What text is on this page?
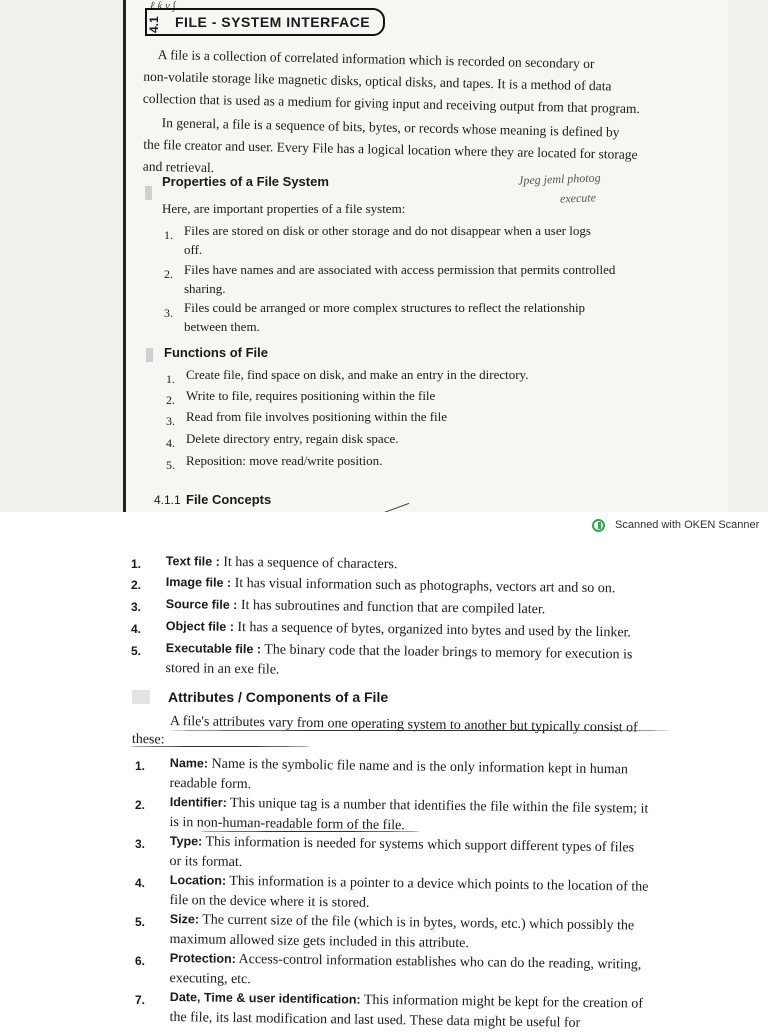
ℓ ƙ v ∫
4.1 FILE - SYSTEM INTERFACE
A file is a collection of correlated information which is recorded on secondary or
non-volatile storage like magnetic disks, optical disks, and tapes. It is a method of data
collection that is used as a medium for giving input and receiving output from that program.
In general, a file is a sequence of bits, bytes, or records whose meaning is defined by
the file creator and user. Every File has a logical location where they are located for storage
and retrieval.
Properties of a File System	Jpeg jeml photog
execute
Here, are important properties of a file system:
1. Files are stored on disk or other storage and do not disappear when a user logs
off.
2. Files have names and are associated with access permission that permits controlled
sharing.
3. Files could be arranged or more complex structures to reflect the relationship
between them.
Functions of File
1. Create file, find space on disk, and make an entry in the directory.
2. Write to file, requires positioning within the file
3. Read from file involves positioning within the file
4. Delete directory entry, regain disk space.
5. Reposition: move read/write position.
4.1.1 File Concepts
Scanned with OKEN Scanner
1. Text file : It has a sequence of characters.
2. Image file : It has visual information such as photographs, vectors art and so on.
3. Source file : It has subroutines and function that are compiled later.
4. Object file : It has a sequence of bytes, organized into bytes and used by the linker.
5. Executable file : The binary code that the loader brings to memory for execution is
stored in an exe file.
Attributes / Components of a File
A file's attributes vary from one operating system to another but typically consist of
these:
1. Name: Name is the symbolic file name and is the only information kept in human
readable form.
2. Identifier: This unique tag is a number that identifies the file within the file system; it
is in non-human-readable form of the file.
3. Type: This information is needed for systems which support different types of files
or its format.
4. Location: This information is a pointer to a device which points to the location of the
file on the device where it is stored.
5. Size: The current size of the file (which is in bytes, words, etc.) which possibly the
maximum allowed size gets included in this attribute.
6. Protection: Access-control information establishes who can do the reading, writing,
executing, etc.
7. Date, Time & user identification: This information might be kept for the creation of
the file, its last modification and last used. These data might be useful for
